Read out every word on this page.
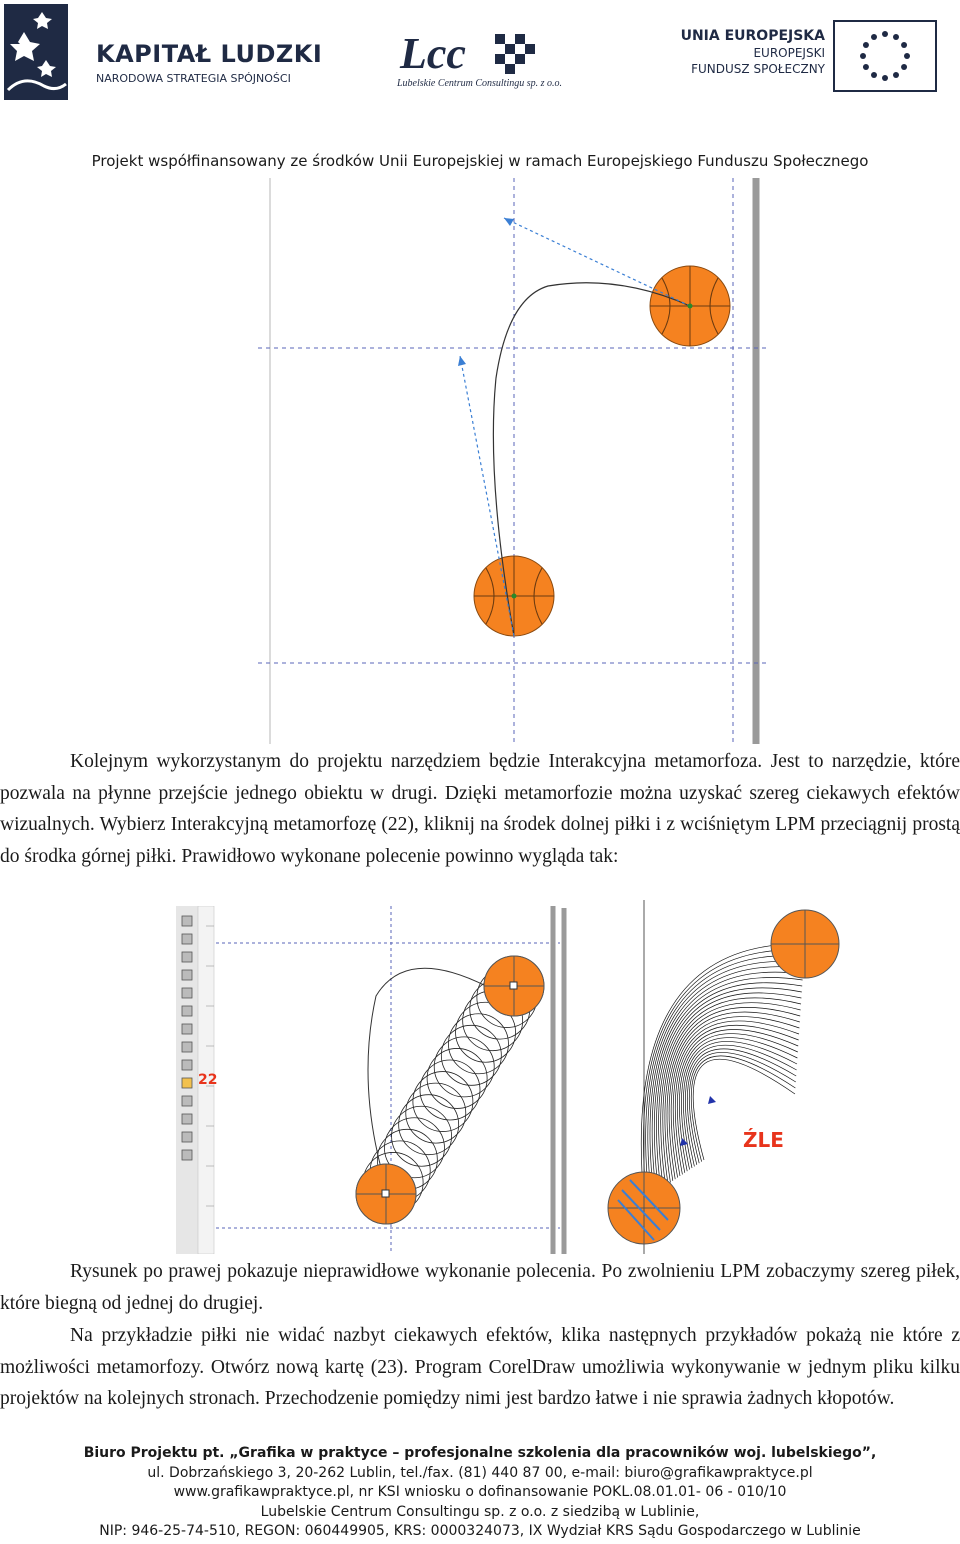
KAPITAŁ LUDZKI
NARODOWA STRATEGIA SPÓJNOŚCI
Lcc
Lubelskie Centrum Consultingu sp. z o.o.
UNIA EUROPEJSKA
EUROPEJSKI
FUNDUSZ SPOŁECZNY
Projekt współfinansowany ze środków Unii Europejskiej w ramach Europejskiego Funduszu Społecznego
Kolejnym wykorzystanym do projektu narzędziem będzie Interakcyjna metamorfoza. Jest to narzędzie, które pozwala na płynne przejście jednego obiektu w drugi. Dzięki metamorfozie można uzyskać szereg ciekawych efektów wizualnych. Wybierz Interakcyjną metamorfozę (22), kliknij na środek dolnej piłki i z wciśniętym LPM przeciągnij prostą do środka górnej piłki. Prawidłowo wykonane polecenie powinno wygląda tak:
22
ŹLE
Rysunek po prawej pokazuje nieprawidłowe wykonanie polecenia. Po zwolnieniu LPM zobaczymy szereg piłek, które biegną od jednej do drugiej.
Na przykładzie piłki nie widać nazbyt ciekawych efektów, klika następnych przykładów pokażą nie które z możliwości metamorfozy. Otwórz nową kartę (23). Program CorelDraw umożliwia wykonywanie w jednym pliku kilku projektów na kolejnych stronach. Przechodzenie pomiędzy nimi jest bardzo łatwe i nie sprawia żadnych kłopotów.
Biuro Projektu pt. „Grafika w praktyce – profesjonalne szkolenia dla pracowników woj. lubelskiego”,
ul. Dobrzańskiego 3, 20-262 Lublin, tel./fax. (81) 440 87 00, e-mail: biuro@grafikawpraktyce.pl
www.grafikawpraktyce.pl, nr KSI wniosku o dofinansowanie POKL.08.01.01- 06 - 010/10
Lubelskie Centrum Consultingu sp. z o.o. z siedzibą w Lublinie,
NIP: 946-25-74-510, REGON: 060449905, KRS: 0000324073, IX Wydział KRS Sądu Gospodarczego w Lublinie
